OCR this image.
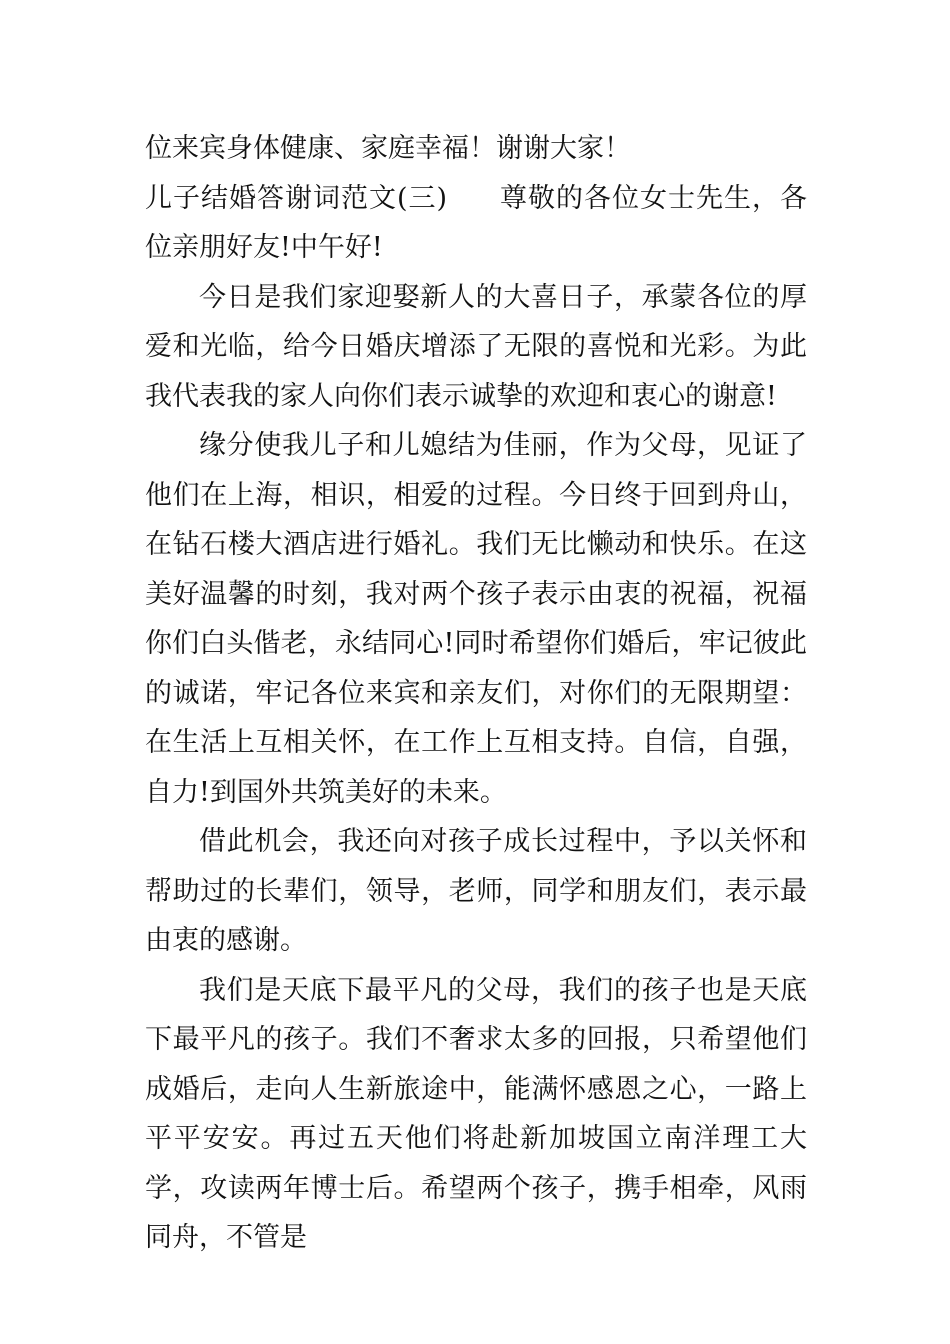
位来宾身体健康、家庭幸福！谢谢大家！

儿子结婚答谢词范文(三) 尊敬的各位女士先生，各位亲朋好友!中午好!

今日是我们家迎娶新人的大喜日子，承蒙各位的厚爱和光临，给今日婚庆增添了无限的喜悦和光彩。为此我代表我的家人向你们表示诚挚的欢迎和衷心的谢意!

缘分使我儿子和儿媳结为佳丽，作为父母，见证了他们在上海，相识，相爱的过程。今日终于回到舟山，在钻石楼大酒店进行婚礼。我们无比懒动和快乐。在这美好温馨的时刻，我对两个孩子表示由衷的祝福，祝福你们白头偕老，永结同心!同时希望你们婚后，牢记彼此的诚诺，牢记各位来宾和亲友们，对你们的无限期望：在生活上互相关怀，在工作上互相支持。自信，自强，自力!到国外共筑美好的未来。

借此机会，我还向对孩子成长过程中，予以关怀和帮助过的长辈们，领导，老师，同学和朋友们，表示最由衷的感谢。

我们是天底下最平凡的父母，我们的孩子也是天底下最平凡的孩子。我们不奢求太多的回报，只希望他们成婚后，走向人生新旅途中，能满怀感恩之心，一路上平平安安。再过五天他们将赴新加坡国立南洋理工大学，攻读两年博士后。希望两个孩子，携手相牵，风雨同舟，不管是
